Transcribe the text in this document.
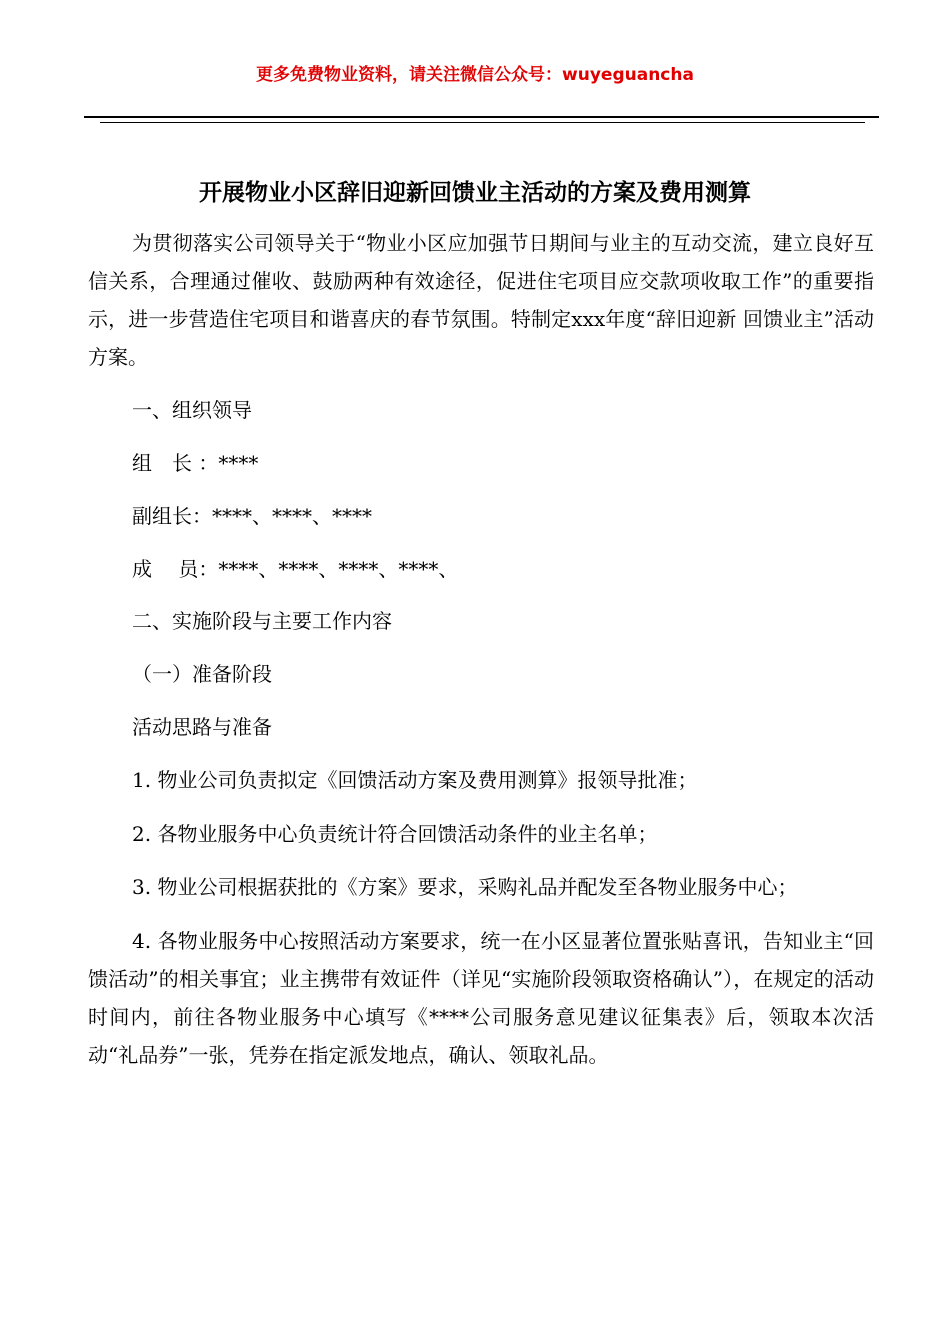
更多免费物业资料，请关注微信公众号：wuyeguancha
开展物业小区辞旧迎新回馈业主活动的方案及费用测算

为贯彻落实公司领导关于“物业小区应加强节日期间与业主的互动交流，建立良好互信关系，合理通过催收、鼓励两种有效途径，促进住宅项目应交款项收取工作”的重要指示，进一步营造住宅项目和谐喜庆的春节氛围。特制定xxx年度“辞旧迎新 回馈业主”活动方案。

一、组织领导

组　长 ：****

副组长：****、****、****

成　 员：****、****、****、****、

二、实施阶段与主要工作内容

（一）准备阶段

活动思路与准备

1. 物业公司负责拟定《回馈活动方案及费用测算》报领导批准；

2. 各物业服务中心负责统计符合回馈活动条件的业主名单；

3. 物业公司根据获批的《方案》要求，采购礼品并配发至各物业服务中心；

4. 各物业服务中心按照活动方案要求，统一在小区显著位置张贴喜讯，告知业主“回馈活动”的相关事宜；业主携带有效证件（详见“实施阶段领取资格确认”），在规定的活动时间内，前往各物业服务中心填写《****公司服务意见建议征集表》后，领取本次活动“礼品券”一张，凭券在指定派发地点，确认、领取礼品。
